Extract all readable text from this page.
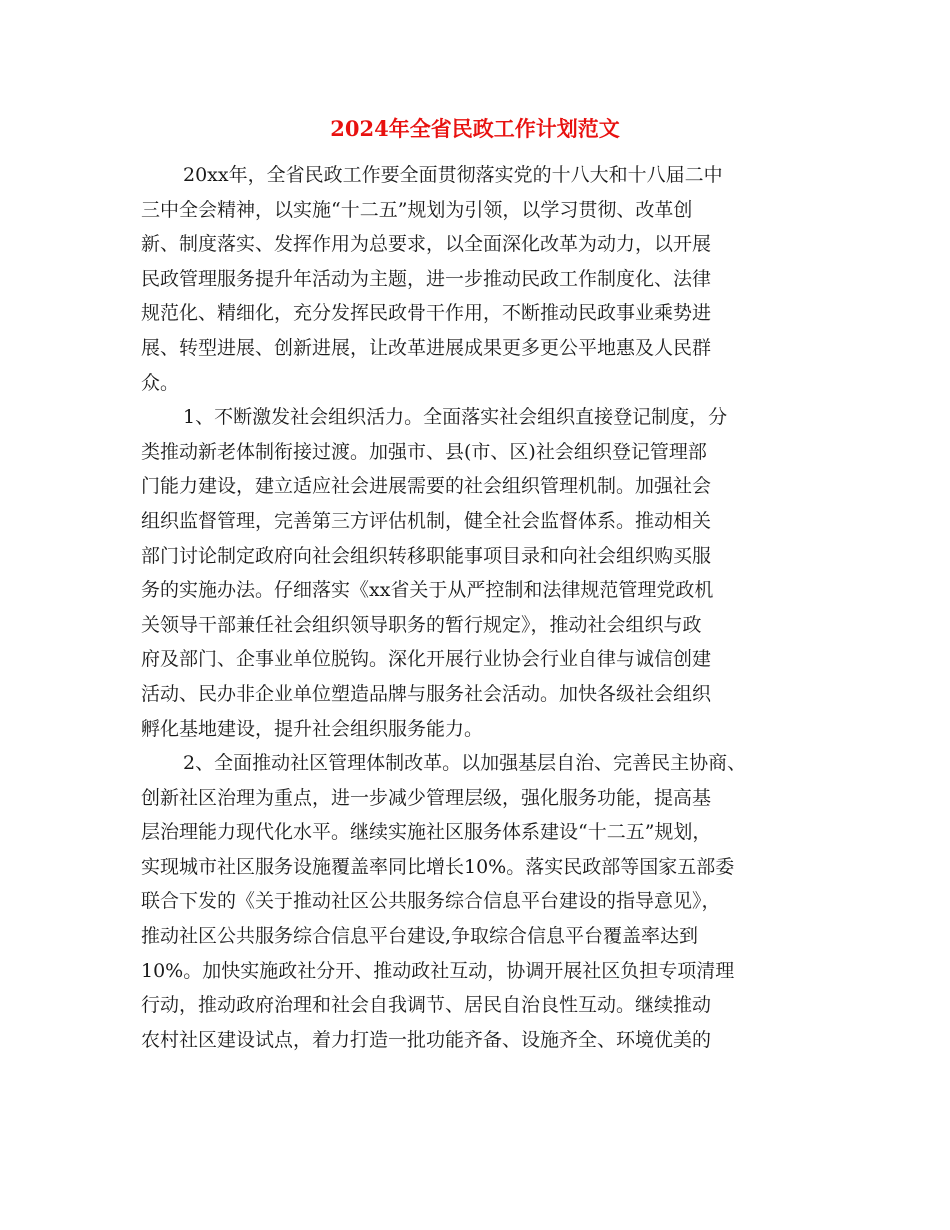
2024年全省民政工作计划范文
20xx年，全省民政工作要全面贯彻落实党的十八大和十八届二中
三中全会精神，以实施“十二五”规划为引领，以学习贯彻、改革创
新、制度落实、发挥作用为总要求，以全面深化改革为动力，以开展
民政管理服务提升年活动为主题，进一步推动民政工作制度化、法律
规范化、精细化，充分发挥民政骨干作用，不断推动民政事业乘势进
展、转型进展、创新进展，让改革进展成果更多更公平地惠及人民群
众。
1、不断激发社会组织活力。全面落实社会组织直接登记制度，分
类推动新老体制衔接过渡。加强市、县(市、区)社会组织登记管理部
门能力建设，建立适应社会进展需要的社会组织管理机制。加强社会
组织监督管理，完善第三方评估机制，健全社会监督体系。推动相关
部门讨论制定政府向社会组织转移职能事项目录和向社会组织购买服
务的实施办法。仔细落实《xx省关于从严控制和法律规范管理党政机
关领导干部兼任社会组织领导职务的暂行规定》，推动社会组织与政
府及部门、企事业单位脱钩。深化开展行业协会行业自律与诚信创建
活动、民办非企业单位塑造品牌与服务社会活动。加快各级社会组织
孵化基地建设，提升社会组织服务能力。
2、全面推动社区管理体制改革。以加强基层自治、完善民主协商、
创新社区治理为重点，进一步减少管理层级，强化服务功能，提高基
层治理能力现代化水平。继续实施社区服务体系建设“十二五”规划，
实现城市社区服务设施覆盖率同比增长10%。落实民政部等国家五部委
联合下发的《关于推动社区公共服务综合信息平台建设的指导意见》，
推动社区公共服务综合信息平台建设,争取综合信息平台覆盖率达到
10%。加快实施政社分开、推动政社互动，协调开展社区负担专项清理
行动，推动政府治理和社会自我调节、居民自治良性互动。继续推动
农村社区建设试点，着力打造一批功能齐备、设施齐全、环境优美的
